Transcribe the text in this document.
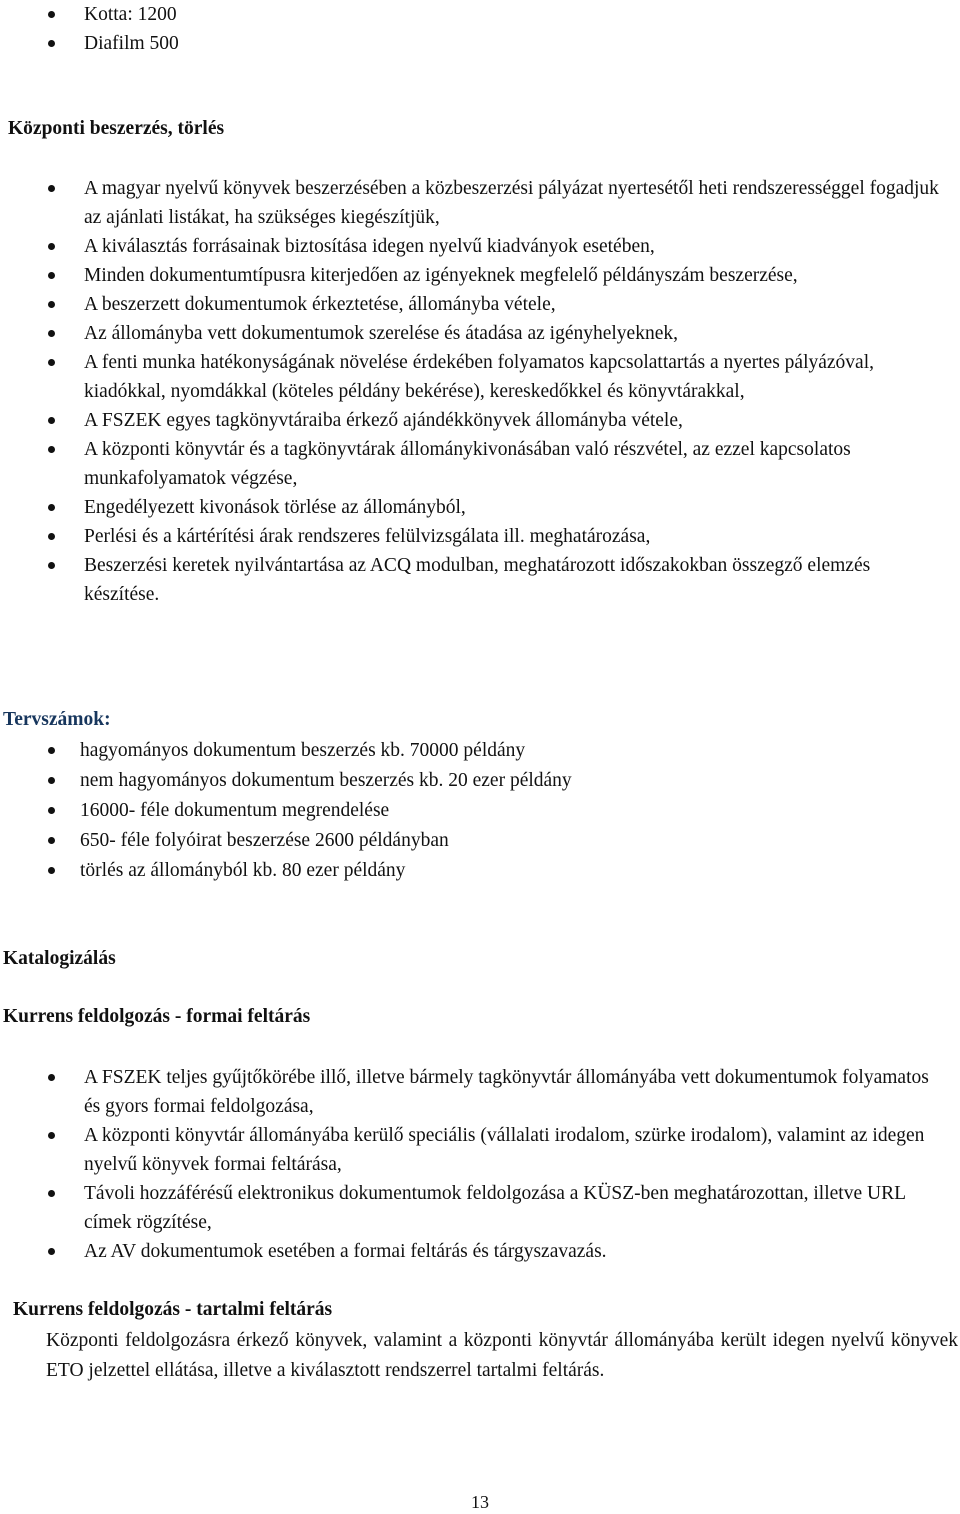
Kotta: 1200
Diafilm 500
Központi beszerzés, törlés
A magyar nyelvű könyvek beszerzésében a közbeszerzési pályázat nyertesétől heti rendszerességgel fogadjuk az ajánlati listákat, ha szükséges kiegészítjük,
A kiválasztás forrásainak biztosítása idegen nyelvű kiadványok esetében,
Minden dokumentumtípusra kiterjedően az igényeknek megfelelő példányszám beszerzése,
A beszerzett dokumentumok érkeztetése, állományba vétele,
Az állományba vett dokumentumok szerelése és átadása az igényhelyeknek,
A fenti munka hatékonyságának növelése érdekében folyamatos kapcsolattartás a nyertes pályázóval, kiadókkal, nyomdákkal (köteles példány bekérése), kereskedőkkel és könyvtárakkal,
A FSZEK egyes tagkönyvtáraiba érkező ajándékkönyvek állományba vétele,
A központi könyvtár és a tagkönyvtárak állománykivonásában való részvétel, az ezzel kapcsolatos munkafolyamatok végzése,
Engedélyezett kivonások törlése az állományból,
Perlési és a kártérítési árak rendszeres felülvizsgálata ill. meghatározása,
Beszerzési keretek nyilvántartása az ACQ modulban, meghatározott időszakokban összegző elemzés készítése.
Tervszámok:
hagyományos dokumentum beszerzés kb. 70000 példány
nem hagyományos dokumentum beszerzés kb. 20 ezer példány
16000- féle dokumentum megrendelése
650- féle folyóirat beszerzése 2600 példányban
törlés az állományból kb. 80 ezer példány
Katalogizálás
Kurrens feldolgozás - formai feltárás
A FSZEK teljes gyűjtőkörébe illő, illetve bármely tagkönyvtár állományába vett dokumentumok folyamatos és gyors formai feldolgozása,
A központi könyvtár állományába kerülő speciális (vállalati irodalom, szürke irodalom), valamint az idegen nyelvű könyvek formai feltárása,
Távoli hozzáférésű elektronikus dokumentumok feldolgozása a KÜSZ-ben meghatározottan, illetve URL címek rögzítése,
Az AV dokumentumok esetében a formai feltárás és tárgyszavazás.
Kurrens feldolgozás - tartalmi feltárás

Központi feldolgozásra érkező könyvek, valamint a központi könyvtár állományába került idegen nyelvű könyvek ETO jelzettel ellátása, illetve a kiválasztott rendszerrel tartalmi feltárás.

13
